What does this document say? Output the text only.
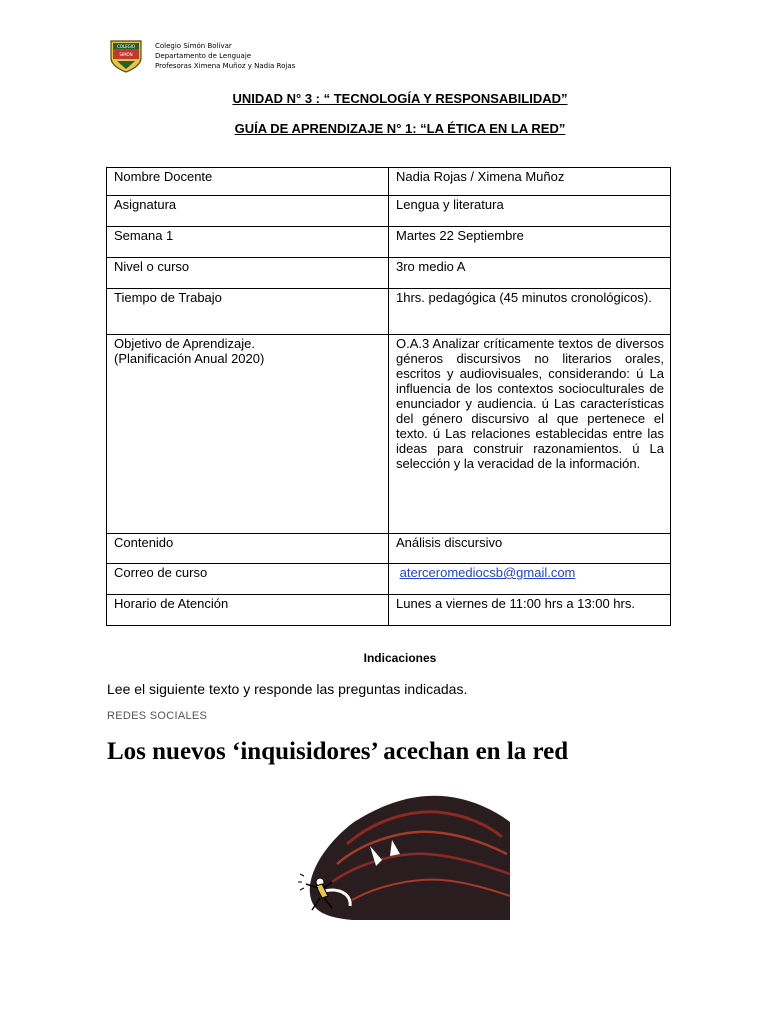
COLEGIO
SIMÓN
Colegio Simón Bolívar
Departamento de Lenguaje
Profesoras Ximena Muñoz y Nadia Rojas
UNIDAD N° 3 : “ TECNOLOGÍA Y RESPONSABILIDAD”
GUÍA DE APRENDIZAJE N° 1: “LA ÉTICA EN LA RED”
Nombre Docente	Nadia Rojas / Ximena Muñoz
Asignatura	Lengua y literatura
Semana 1	Martes 22 Septiembre
Nivel o curso	3ro medio A
Tiempo de Trabajo	1hrs. pedagógica (45 minutos cronológicos).
Objetivo de Aprendizaje.
(Planificación Anual 2020)	O.A.3 Analizar críticamente textos de diversos géneros discursivos no literarios orales, escritos y audiovisuales, considerando: ú La influencia de los contextos socioculturales de enunciador y audiencia. ú Las características del género discursivo al que pertenece el texto. ú Las relaciones establecidas entre las ideas para construir razonamientos. ú La selección y la veracidad de la información.
Contenido	Análisis discursivo
Correo de curso	aterceromediocsb@gmail.com
Horario de Atención	Lunes a viernes de 11:00 hrs a 13:00 hrs.
Indicaciones
Lee el siguiente texto y responde las preguntas indicadas.
REDES SOCIALES
Los nuevos ‘inquisidores’ acechan en la red
